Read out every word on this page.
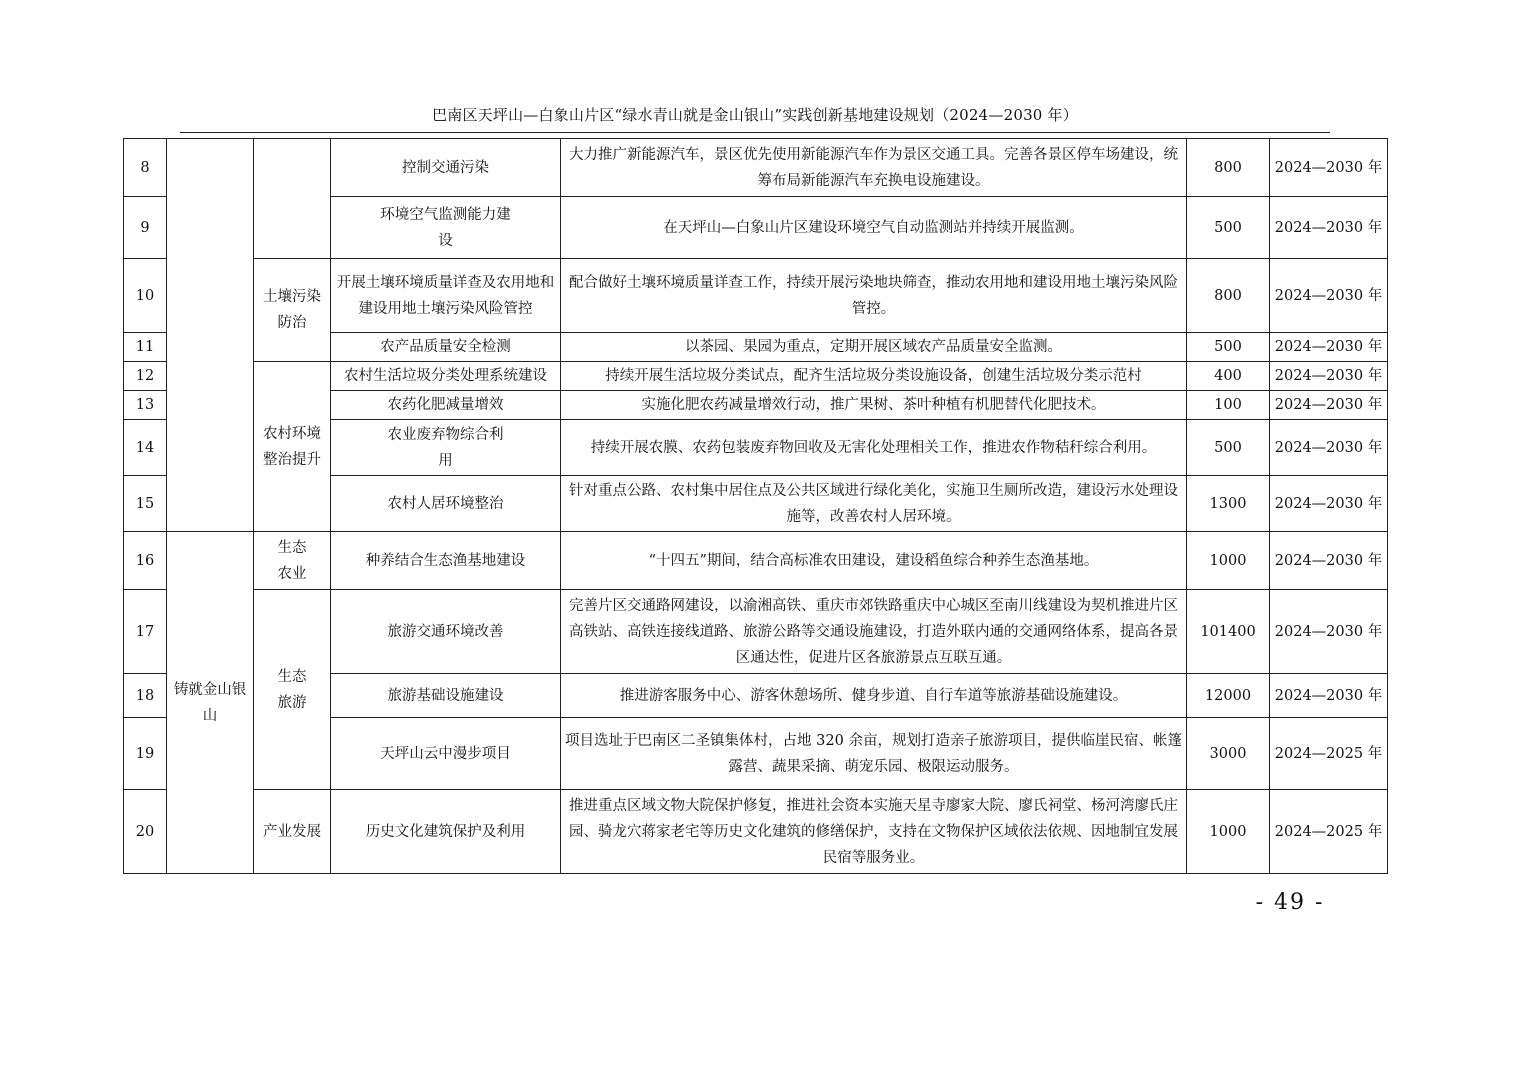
巴南区天坪山—白象山片区“绿水青山就是金山银山”实践创新基地建设规划（2024—2030 年）
8			控制交通污染	大力推广新能源汽车，景区优先使用新能源汽车作为景区交通工具。完善各景区停车场建设，统筹布局新能源汽车充换电设施建设。	800	2024—2030 年
9			环境空气监测能力建设	在天坪山—白象山片区建设环境空气自动监测站并持续开展监测。	500	2024—2030 年
10		土壤污染防治	开展土壤环境质量详查及农用地和建设用地土壤污染风险管控	配合做好土壤环境质量详查工作，持续开展污染地块筛查，推动农用地和建设用地土壤污染风险管控。	800	2024—2030 年
11			农产品质量安全检测	以茶园、果园为重点，定期开展区域农产品质量安全监测。	500	2024—2030 年
12		农村环境整治提升	农村生活垃圾分类处理系统建设	持续开展生活垃圾分类试点，配齐生活垃圾分类设施设备，创建生活垃圾分类示范村	400	2024—2030 年
13			农药化肥减量增效	实施化肥农药减量增效行动，推广果树、茶叶种植有机肥替代化肥技术。	100	2024—2030 年
14			农业废弃物综合利用	持续开展农膜、农药包装废弃物回收及无害化处理相关工作，推进农作物秸秆综合利用。	500	2024—2030 年
15			农村人居环境整治	针对重点公路、农村集中居住点及公共区域进行绿化美化，实施卫生厕所改造，建设污水处理设施等，改善农村人居环境。	1300	2024—2030 年
16	铸就金山银山	生态农业	种养结合生态渔基地建设	“十四五”期间，结合高标准农田建设，建设稻鱼综合种养生态渔基地。	1000	2024—2030 年
17		生态旅游	旅游交通环境改善	完善片区交通路网建设，以渝湘高铁、重庆市郊铁路重庆中心城区至南川线建设为契机推进片区高铁站、高铁连接线道路、旅游公路等交通设施建设，打造外联内通的交通网络体系，提高各景区通达性，促进片区各旅游景点互联互通。	101400	2024—2030 年
18			旅游基础设施建设	推进游客服务中心、游客休憩场所、健身步道、自行车道等旅游基础设施建设。	12000	2024—2030 年
19			天坪山云中漫步项目	项目选址于巴南区二圣镇集体村，占地 320 余亩，规划打造亲子旅游项目，提供临崖民宿、帐篷露营、蔬果采摘、萌宠乐园、极限运动服务。	3000	2024—2025 年
20		产业发展	历史文化建筑保护及利用	推进重点区域文物大院保护修复，推进社会资本实施天星寺廖家大院、廖氏祠堂、杨河湾廖氏庄园、骑龙穴蒋家老宅等历史文化建筑的修缮保护，支持在文物保护区域依法依规、因地制宜发展民宿等服务业。	1000	2024—2025 年
- 49 -
